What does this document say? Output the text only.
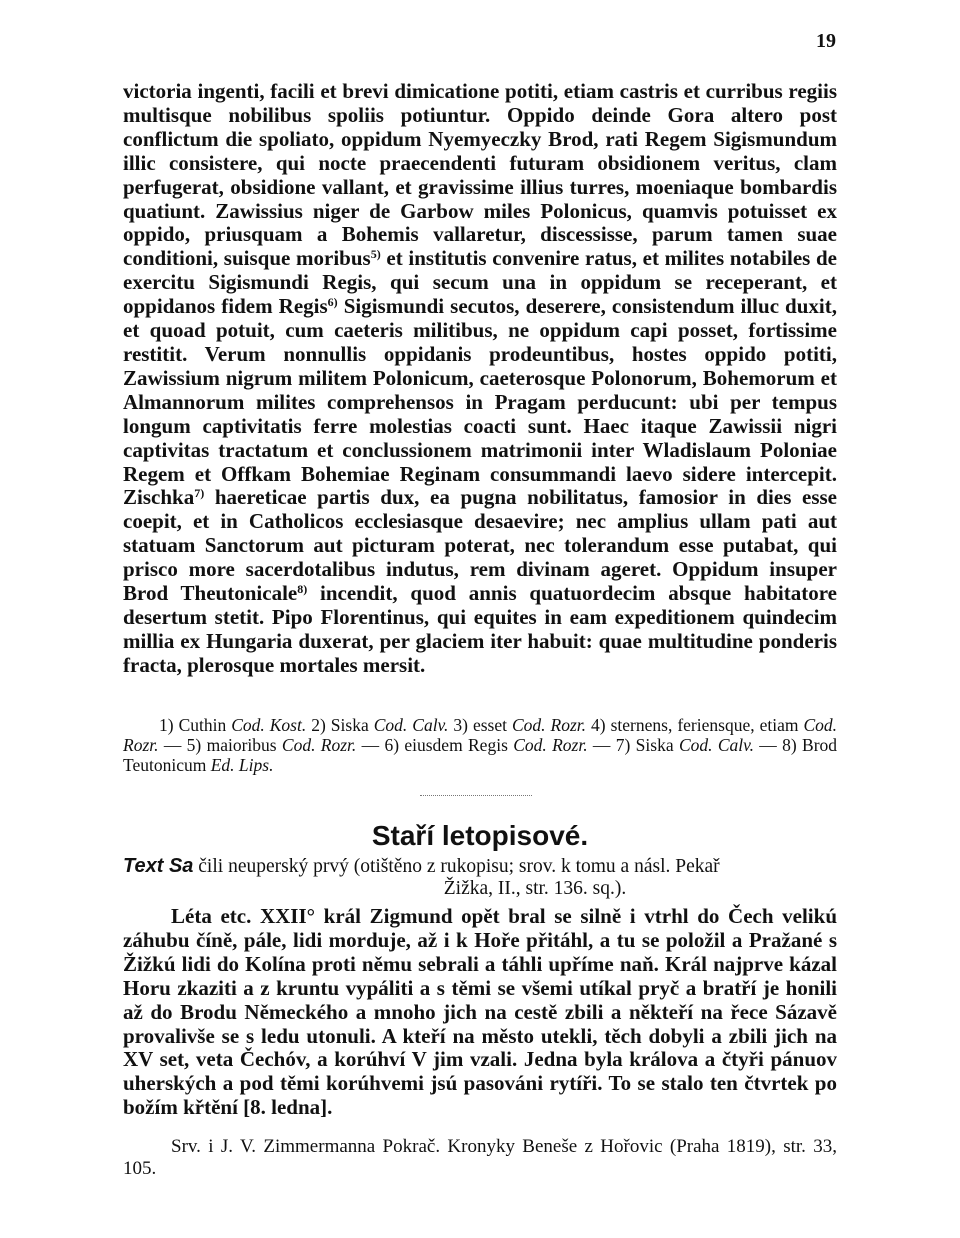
19

victoria ingenti, facili et brevi dimicatione potiti, etiam castris et curribus regiis multisque nobilibus spoliis potiuntur. Oppido deinde Gora altero post conflictum die spoliato, oppidum Nyemyeczky Brod, rati Regem Sigismundum illic consistere, qui nocte praecendenti futuram obsidionem veritus, clam perfugerat, obsidione vallant, et gravissime illius turres, moeniaque bombardis quatiunt. Zawissius niger de Garbow miles Polonicus, quamvis potuisset ex oppido, priusquam a Bohemis vallaretur, discessisse, parum tamen suae conditioni, suisque moribus$^{5)}$ et institutis convenire ratus, et milites notabiles de exercitu Sigismundi Regis, qui secum una in oppidum se receperant, et oppidanos fidem Regis$^{6)}$ Sigismundi secutos, deserere, consistendum illuc duxit, et quoad potuit, cum caeteris militibus, ne oppidum capi posset, fortissime restitit. Verum nonnullis oppidanis prodeuntibus, hostes oppido potiti, Zawissium nigrum militem Polonicum, caeterosque Polonorum, Bohemorum et Almannorum milites comprehensos in Pragam perducunt: ubi per tempus longum captivitatis ferre molestias coacti sunt. Haec itaque Zawissii nigri captivitas tractatum et conclussionem matrimonii inter Wladislaum Poloniae Regem et Offkam Bohemiae Reginam consummandi laevo sidere intercepit. Zischka$^{7)}$ haereticae partis dux, ea pugna nobilitatus, famosior in dies esse coepit, et in Catholicos ecclesiasque desaevire; nec amplius ullam pati aut statuam Sanctorum aut picturam poterat, nec tolerandum esse putabat, qui prisco more sacerdotalibus indutus, rem divinam ageret. Oppidum insuper Brod Theutonicale$^{8)}$ incendit, quod annis quatuordecim absque habitatore desertum stetit. Pipo Florentinus, qui equites in eam expeditionem quindecim millia ex Hungaria duxerat, per glaciem iter habuit: quae multitudine ponderis fracta, plerosque mortales mersit.

1) Cuthin Cod. Kost. 2) Siska Cod. Calv. 3) esset Cod. Rozr. 4) sternens, feriensque, etiam Cod. Rozr. — 5) maioribus Cod. Rozr. — 6) eiusdem Regis Cod. Rozr. — 7) Siska Cod. Calv. — 8) Brod Teutonicum Ed. Lips.

Staří letopisové.

Text Sa čili neuperský prvý (otištěno z rukopisu; srov. k tomu a násl. Pekař

Žižka, II., str. 136. sq.).

Léta etc. XXII° král Zigmund opět bral se silně i vtrhl do Čech velikú záhubu číně, pále, lidi morduje, až i k Hoře přitáhl, a tu se položil a Pražané s Žižkú lidi do Kolína proti němu sebrali a táhli upříme naň. Král najprve kázal Horu zkaziti a z kruntu vypáliti a s těmi se všemi utíkal pryč a bratří je honili až do Brodu Německého a mnoho jich na cestě zbili a někteří na řece Sázavě provalivše se s ledu utonuli. A kteří na město utekli, těch dobyli a zbili jich na XV set, veta Čechóv, a korúhví V jim vzali. Jedna byla králova a čtyři pánuov uherských a pod těmi korúhvemi jsú pasováni rytíři. To se stalo ten čtvrtek po božím křtění [8. ledna].

Srv. i J. V. Zimmermanna Pokrač. Kronyky Beneše z Hořovic (Praha 1819), str. 33, 105.
